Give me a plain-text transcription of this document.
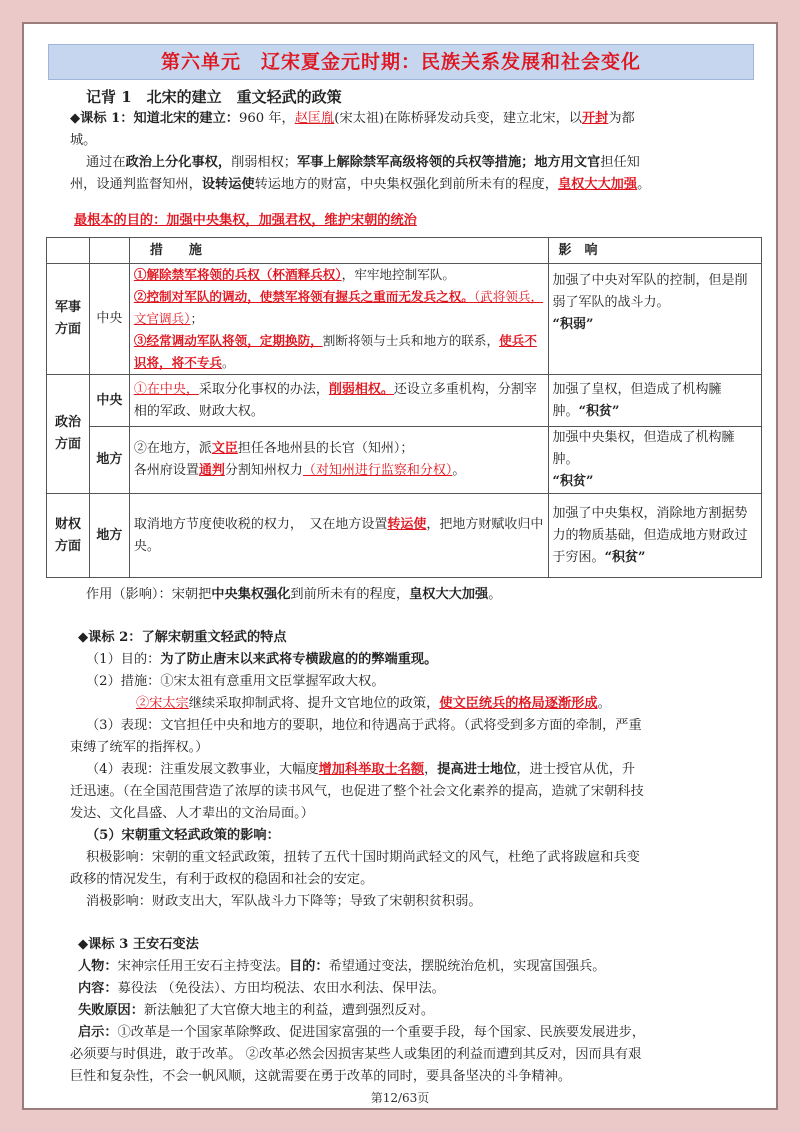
第六单元　辽宋夏金元时期：民族关系发展和社会变化
记背 1　北宋的建立　重文轻武的政策
◆课标 1：知道北宋的建立：960 年，赵匡胤(宋太祖)在陈桥驿发动兵变，建立北宋，以开封为都
城。
通过在政治上分化事权，削弱相权；军事上解除禁军高级将领的兵权等措施；地方用文官担任知
州，设通判监督知州，设转运使转运地方的财富，中央集权强化到前所未有的程度，皇权大大加强。
最根本的目的：加强中央集权，加强君权，维护宋朝的统治
		措　　施	影　响
军事方面	中央	①解除禁军将领的兵权（杯酒释兵权），牢牢地控制军队。
②控制对军队的调动，使禁军将领有握兵之重而无发兵之权。（武将领兵，文官调兵）；
③经常调动军队将领，定期换防，割断将领与士兵和地方的联系，使兵不识将，将不专兵。	加强了中央对军队的控制，但是削弱了军队的战斗力。
“积弱”
政治方面	中央	①在中央，采取分化事权的办法，削弱相权。还设立多重机构，分割宰相的军政、财政大权。	加强了皇权，但造成了机构臃肿。“积贫”
	地方	②在地方，派文臣担任各地州县的长官（知州）；
各州府设置通判分割知州权力（对知州进行监察和分权）。	加强中央集权，但造成了机构臃肿。
“积贫”
财权方面	地方	取消地方节度使收税的权力，　又在地方设置转运使，把地方财赋收归中央。	加强了中央集权，消除地方割据势力的物质基础，但造成地方财政过于穷困。“积贫”
作用（影响）：宋朝把中央集权强化到前所未有的程度，皇权大大加强。
◆课标 2：了解宋朝重文轻武的特点
（1）目的：为了防止唐末以来武将专横跋扈的的弊端重现。
（2）措施：①宋太祖有意重用文臣掌握军政大权。
②宋太宗继续采取抑制武将、提升文官地位的政策，使文臣统兵的格局逐渐形成。
（3）表现：文官担任中央和地方的要职，地位和待遇高于武将。（武将受到多方面的牵制，严重
束缚了统军的指挥权。）
（4）表现：注重发展文教事业，大幅度增加科举取士名额，提高进士地位，进士授官从优，升
迁迅速。（在全国范围营造了浓厚的读书风气，也促进了整个社会文化素养的提高，造就了宋朝科技
发达、文化昌盛、人才辈出的文治局面。）
（5）宋朝重文轻武政策的影响：
积极影响：宋朝的重文轻武政策，扭转了五代十国时期尚武轻文的风气，杜绝了武将跋扈和兵变
政移的情况发生，有利于政权的稳固和社会的安定。
消极影响：财政支出大，军队战斗力下降等；导致了宋朝积贫积弱。
◆课标 3 王安石变法
人物：宋神宗任用王安石主持变法。目的：希望通过变法，摆脱统治危机，实现富国强兵。
内容：募役法 （免役法）、方田均税法、农田水利法、保甲法。
失败原因：新法触犯了大官僚大地主的利益，遭到强烈反对。
启示：①改革是一个国家革除弊政、促进国家富强的一个重要手段，每个国家、民族要发展进步，
必须要与时俱进，敢于改革。 ②改革必然会因损害某些人或集团的利益而遭到其反对，因而具有艰
巨性和复杂性，不会一帆风顺，这就需要在勇于改革的同时，要具备坚决的斗争精神。
第12/63页
